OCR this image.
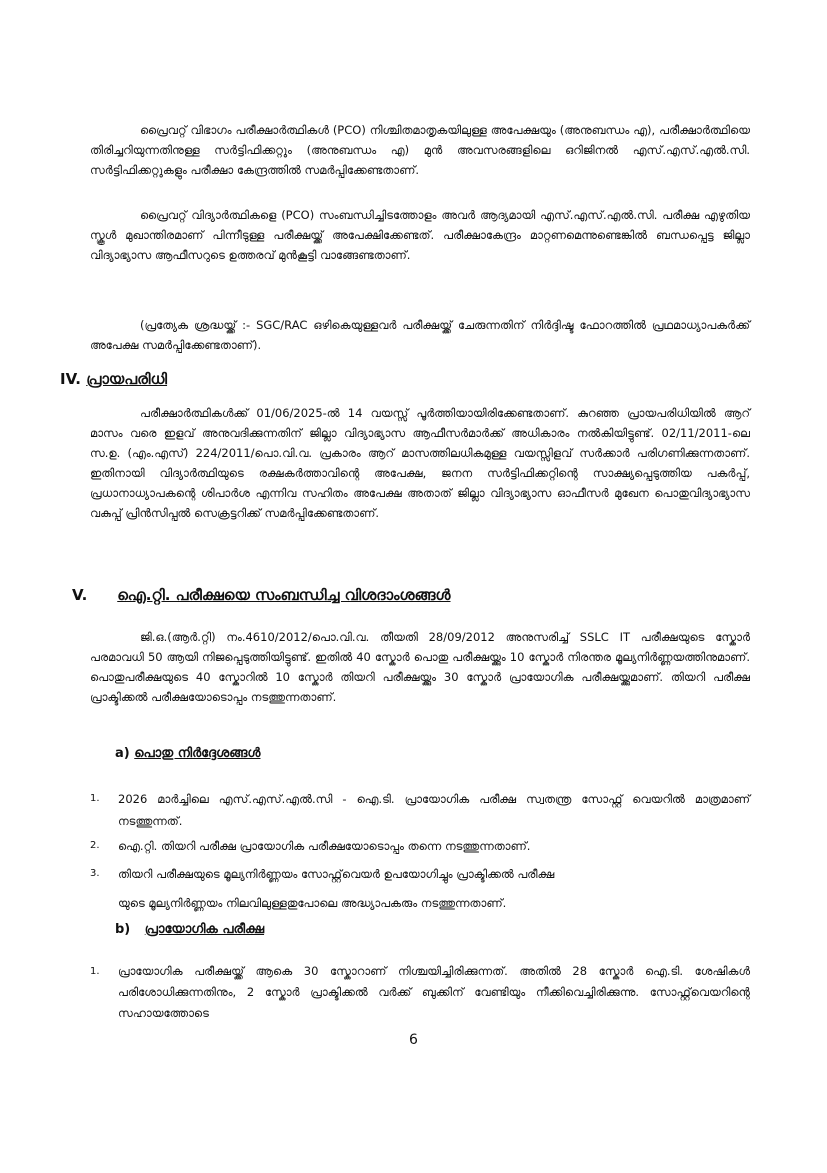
പ്രൈവറ്റ് വിഭാഗം പരീക്ഷാർത്ഥികൾ (PCO) നിശ്ചിതമാതൃകയിലുള്ള അപേക്ഷയും (അനുബന്ധം എ), പരീക്ഷാർത്ഥിയെ തിരിച്ചറിയുന്നതിനുള്ള സർട്ടിഫിക്കറ്റും (അനുബന്ധം എ) മുൻ അവസരങ്ങളിലെ ഒറിജിനൽ എസ്.എസ്.എൽ.സി. സർട്ടിഫിക്കറ്റുകളും പരീക്ഷാ കേന്ദ്രത്തിൽ സമർപ്പിക്കേണ്ടതാണ്.

പ്രൈവറ്റ് വിദ്യാർത്ഥികളെ (PCO) സംബന്ധിച്ചിടത്തോളം അവർ ആദ്യമായി എസ്.എസ്.എൽ.സി. പരീക്ഷ എഴുതിയ സ്കൂൾ മുഖാന്തിരമാണ് പിന്നീടുള്ള പരീക്ഷയ്ക്ക് അപേക്ഷിക്കേണ്ടത്. പരീക്ഷാകേന്ദ്രം മാറ്റണമെന്നുണ്ടെങ്കിൽ ബന്ധപ്പെട്ട ജില്ലാ വിദ്യാഭ്യാസ ആഫീസറുടെ ഉത്തരവ് മുൻകൂട്ടി വാങ്ങേണ്ടതാണ്.

(പ്രത്യേക ശ്രദ്ധയ്ക്ക് :- SGC/RAC ഒഴികെയുള്ളവർ പരീക്ഷയ്ക്ക് ചേരുന്നതിന് നിർദ്ദിഷ്ട ഫോറത്തിൽ പ്രഥമാധ്യാപകർക്ക് അപേക്ഷ സമർപ്പിക്കേണ്ടതാണ്).

IV. പ്രായപരിധി

പരീക്ഷാർത്ഥികൾക്ക് 01/06/2025-ൽ 14 വയസ്സ് പൂർത്തിയായിരിക്കേണ്ടതാണ്. കുറഞ്ഞ പ്രായപരിധിയിൽ ആറ് മാസം വരെ ഇളവ് അനുവദിക്കുന്നതിന് ജില്ലാ വിദ്യാഭ്യാസ ആഫീസർമാർക്ക് അധികാരം നൽകിയിട്ടുണ്ട്. 02/11/2011-ലെ സ.ഉ. (എം.എസ്) 224/2011/പൊ.വി.വ. പ്രകാരം ആറ് മാസത്തിലധികമുള്ള വയസ്സിളവ് സർക്കാർ പരിഗണിക്കുന്നതാണ്. ഇതിനായി വിദ്യാർത്ഥിയുടെ രക്ഷകർത്താവിന്റെ അപേക്ഷ, ജനന സർട്ടിഫിക്കറ്റിന്റെ സാക്ഷ്യപ്പെടുത്തിയ പകർപ്പ്, പ്രധാനാധ്യാപകന്റെ ശിപാർശ എന്നിവ സഹിതം അപേക്ഷ അതാത് ജില്ലാ വിദ്യാഭ്യാസ ഓഫീസർ മുഖേന പൊതുവിദ്യാഭ്യാസ വകുപ്പ് പ്രിൻസിപ്പൽ സെക്രട്ടറിക്ക് സമർപ്പിക്കേണ്ടതാണ്.

V. ഐ.റ്റി. പരീക്ഷയെ സംബന്ധിച്ച വിശദാംശങ്ങൾ

ജി.ഒ.(ആർ.റ്റി) നം.4610/2012/പൊ.വി.വ. തീയതി 28/09/2012 അനുസരിച്ച് SSLC IT പരീക്ഷയുടെ സ്കോർ പരമാവധി 50 ആയി നിജപ്പെടുത്തിയിട്ടുണ്ട്. ഇതിൽ 40 സ്കോർ പൊതു പരീക്ഷയ്ക്കും 10 സ്കോർ നിരന്തര മൂല്യനിർണ്ണയത്തിനുമാണ്. പൊതുപരീക്ഷയുടെ 40 സ്കോറിൽ 10 സ്കോർ തിയറി പരീക്ഷയ്ക്കും 30 സ്കോർ പ്രായോഗിക പരീക്ഷയ്ക്കുമാണ്. തിയറി പരീക്ഷ പ്രാക്ടിക്കൽ പരീക്ഷയോടൊപ്പം നടത്തുന്നതാണ്.

a) പൊതു നിർദ്ദേശങ്ങൾ
1.	2026 മാർച്ചിലെ എസ്.എസ്.എൽ.സി - ഐ.ടി. പ്രായോഗിക പരീക്ഷ സ്വതന്ത്ര സോഫ്റ്റ് വെയറിൽ മാത്രമാണ് നടത്തുന്നത്.
2.	ഐ.റ്റി. തിയറി പരീക്ഷ പ്രായോഗിക പരീക്ഷയോടൊപ്പം തന്നെ നടത്തുന്നതാണ്.
3.	തിയറി പരീക്ഷയുടെ മൂല്യനിർണ്ണയം സോഫ്റ്റ്‌വെയർ ഉപയോഗിച്ചും പ്രാക്ടിക്കൽ പരീക്ഷ

യുടെ മൂല്യനിർണ്ണയം നിലവിലുള്ളതുപോലെ അദ്ധ്യാപകരും നടത്തുന്നതാണ്.

b) പ്രായോഗിക പരീക്ഷ
1.	പ്രായോഗിക പരീക്ഷയ്ക്ക് ആകെ 30 സ്കോറാണ് നിശ്ചയിച്ചിരിക്കുന്നത്. അതിൽ 28 സ്കോർ ഐ.ടി. ശേഷികൾ പരിശോധിക്കുന്നതിനും, 2 സ്കോർ പ്രാക്ടിക്കൽ വർക്ക് ബുക്കിന് വേണ്ടിയും നീക്കിവെച്ചിരിക്കുന്നു. സോഫ്റ്റ്‌വെയറിന്റെ സഹായത്തോടെ
6
